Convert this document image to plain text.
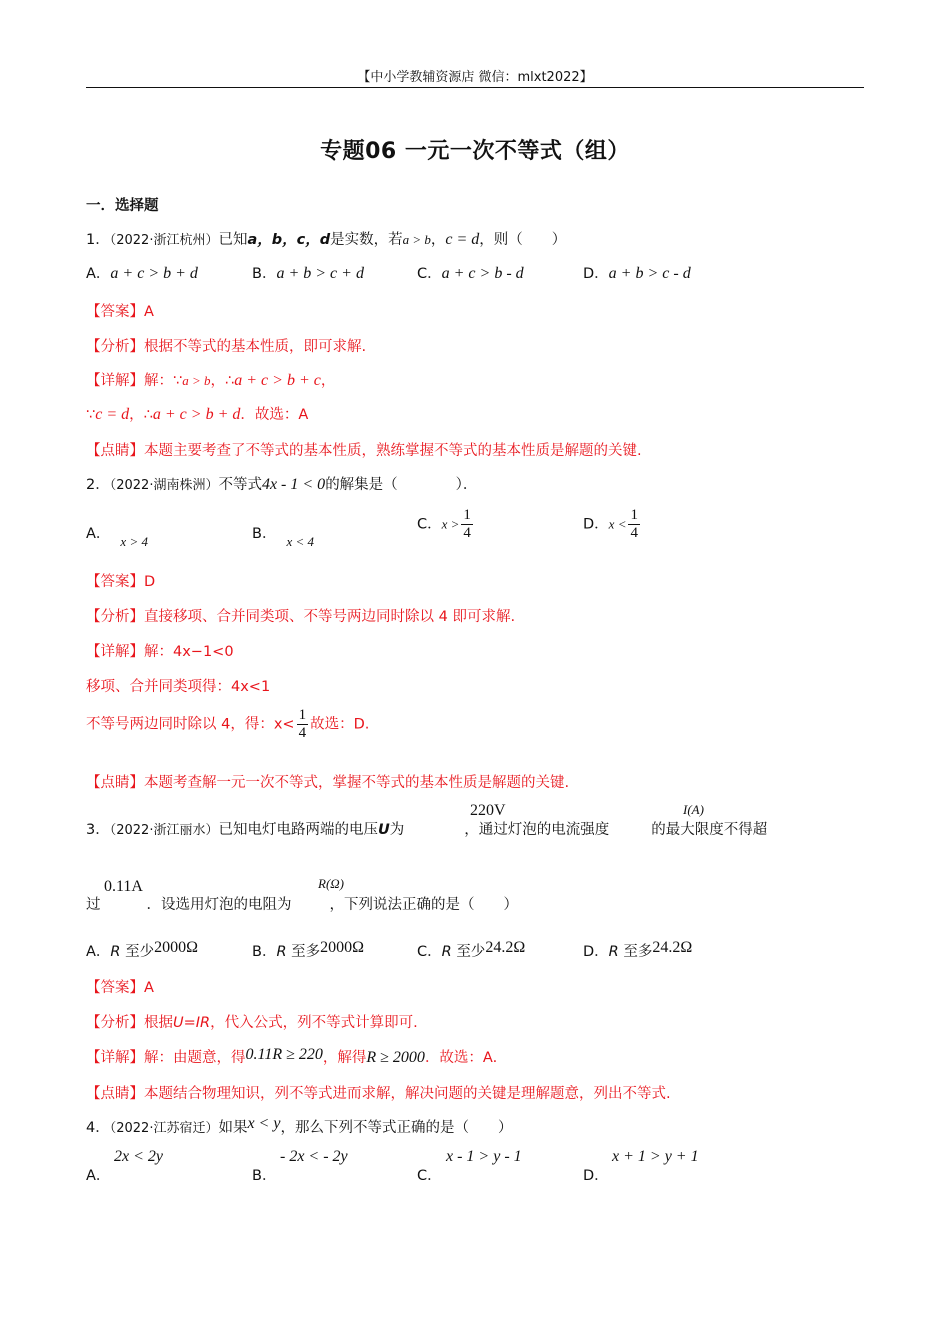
【中小学教辅资源店 微信：mlxt2022】
专题06 一元一次不等式（组）
一．选择题
1．（2022·浙江杭州）已知a，b，c，d是实数，若a > b，c = d，则（　　）
A．a + c > b + d	B．a + b > c + d	C．a + c > b - d	D．a + b > c - d
【答案】A
【分析】根据不等式的基本性质，即可求解.
【详解】解：∵a > b，∴a + c > b + c，
∵c = d，∴a + c > b + d．故选：A
【点睛】本题主要考查了不等式的基本性质，熟练掌握不等式的基本性质是解题的关键.
2．（2022·湖南株洲）不等式4x - 1 < 0的解集是（　　　　）．
A． x > 4	B． x < 4
C．$x > \frac{1}{4}$	D．$x < \frac{1}{4}$
【答案】D
【分析】直接移项、合并同类项、不等号两边同时除以 4 即可求解.
【详解】解：4x−1<0
移项、合并同类项得：4x<1
不等号两边同时除以 4，得：$x< \frac{1}{4}$ 故选：D.
【点睛】本题考查解一元一次不等式，掌握不等式的基本性质是解题的关键.
3．（2022·浙江丽水）已知电灯电路两端的电压U为	，通过灯泡的电流强度	的最大限度不得超
220V	I(A)
过	．设选用灯泡的电阻为	，下列说法正确的是（　　）
0.11A	R(Ω)
A．R 至少2000Ω	B．R 至多2000Ω	C．R 至少24.2Ω	D．R 至多24.2Ω
【答案】A
【分析】根据U=IR，代入公式，列不等式计算即可.
【详解】解：由题意，得0.11R ≥ 220，解得R ≥ 2000．故选：A.
【点睛】本题结合物理知识，列不等式进而求解，解决问题的关键是理解题意，列出不等式.
4．（2022·江苏宿迁）如果x < y，那么下列不等式正确的是（　　）
A．
2x < 2y
B．
- 2x < - 2y
C．
x - 1 > y - 1
D．
x + 1 > y + 1
